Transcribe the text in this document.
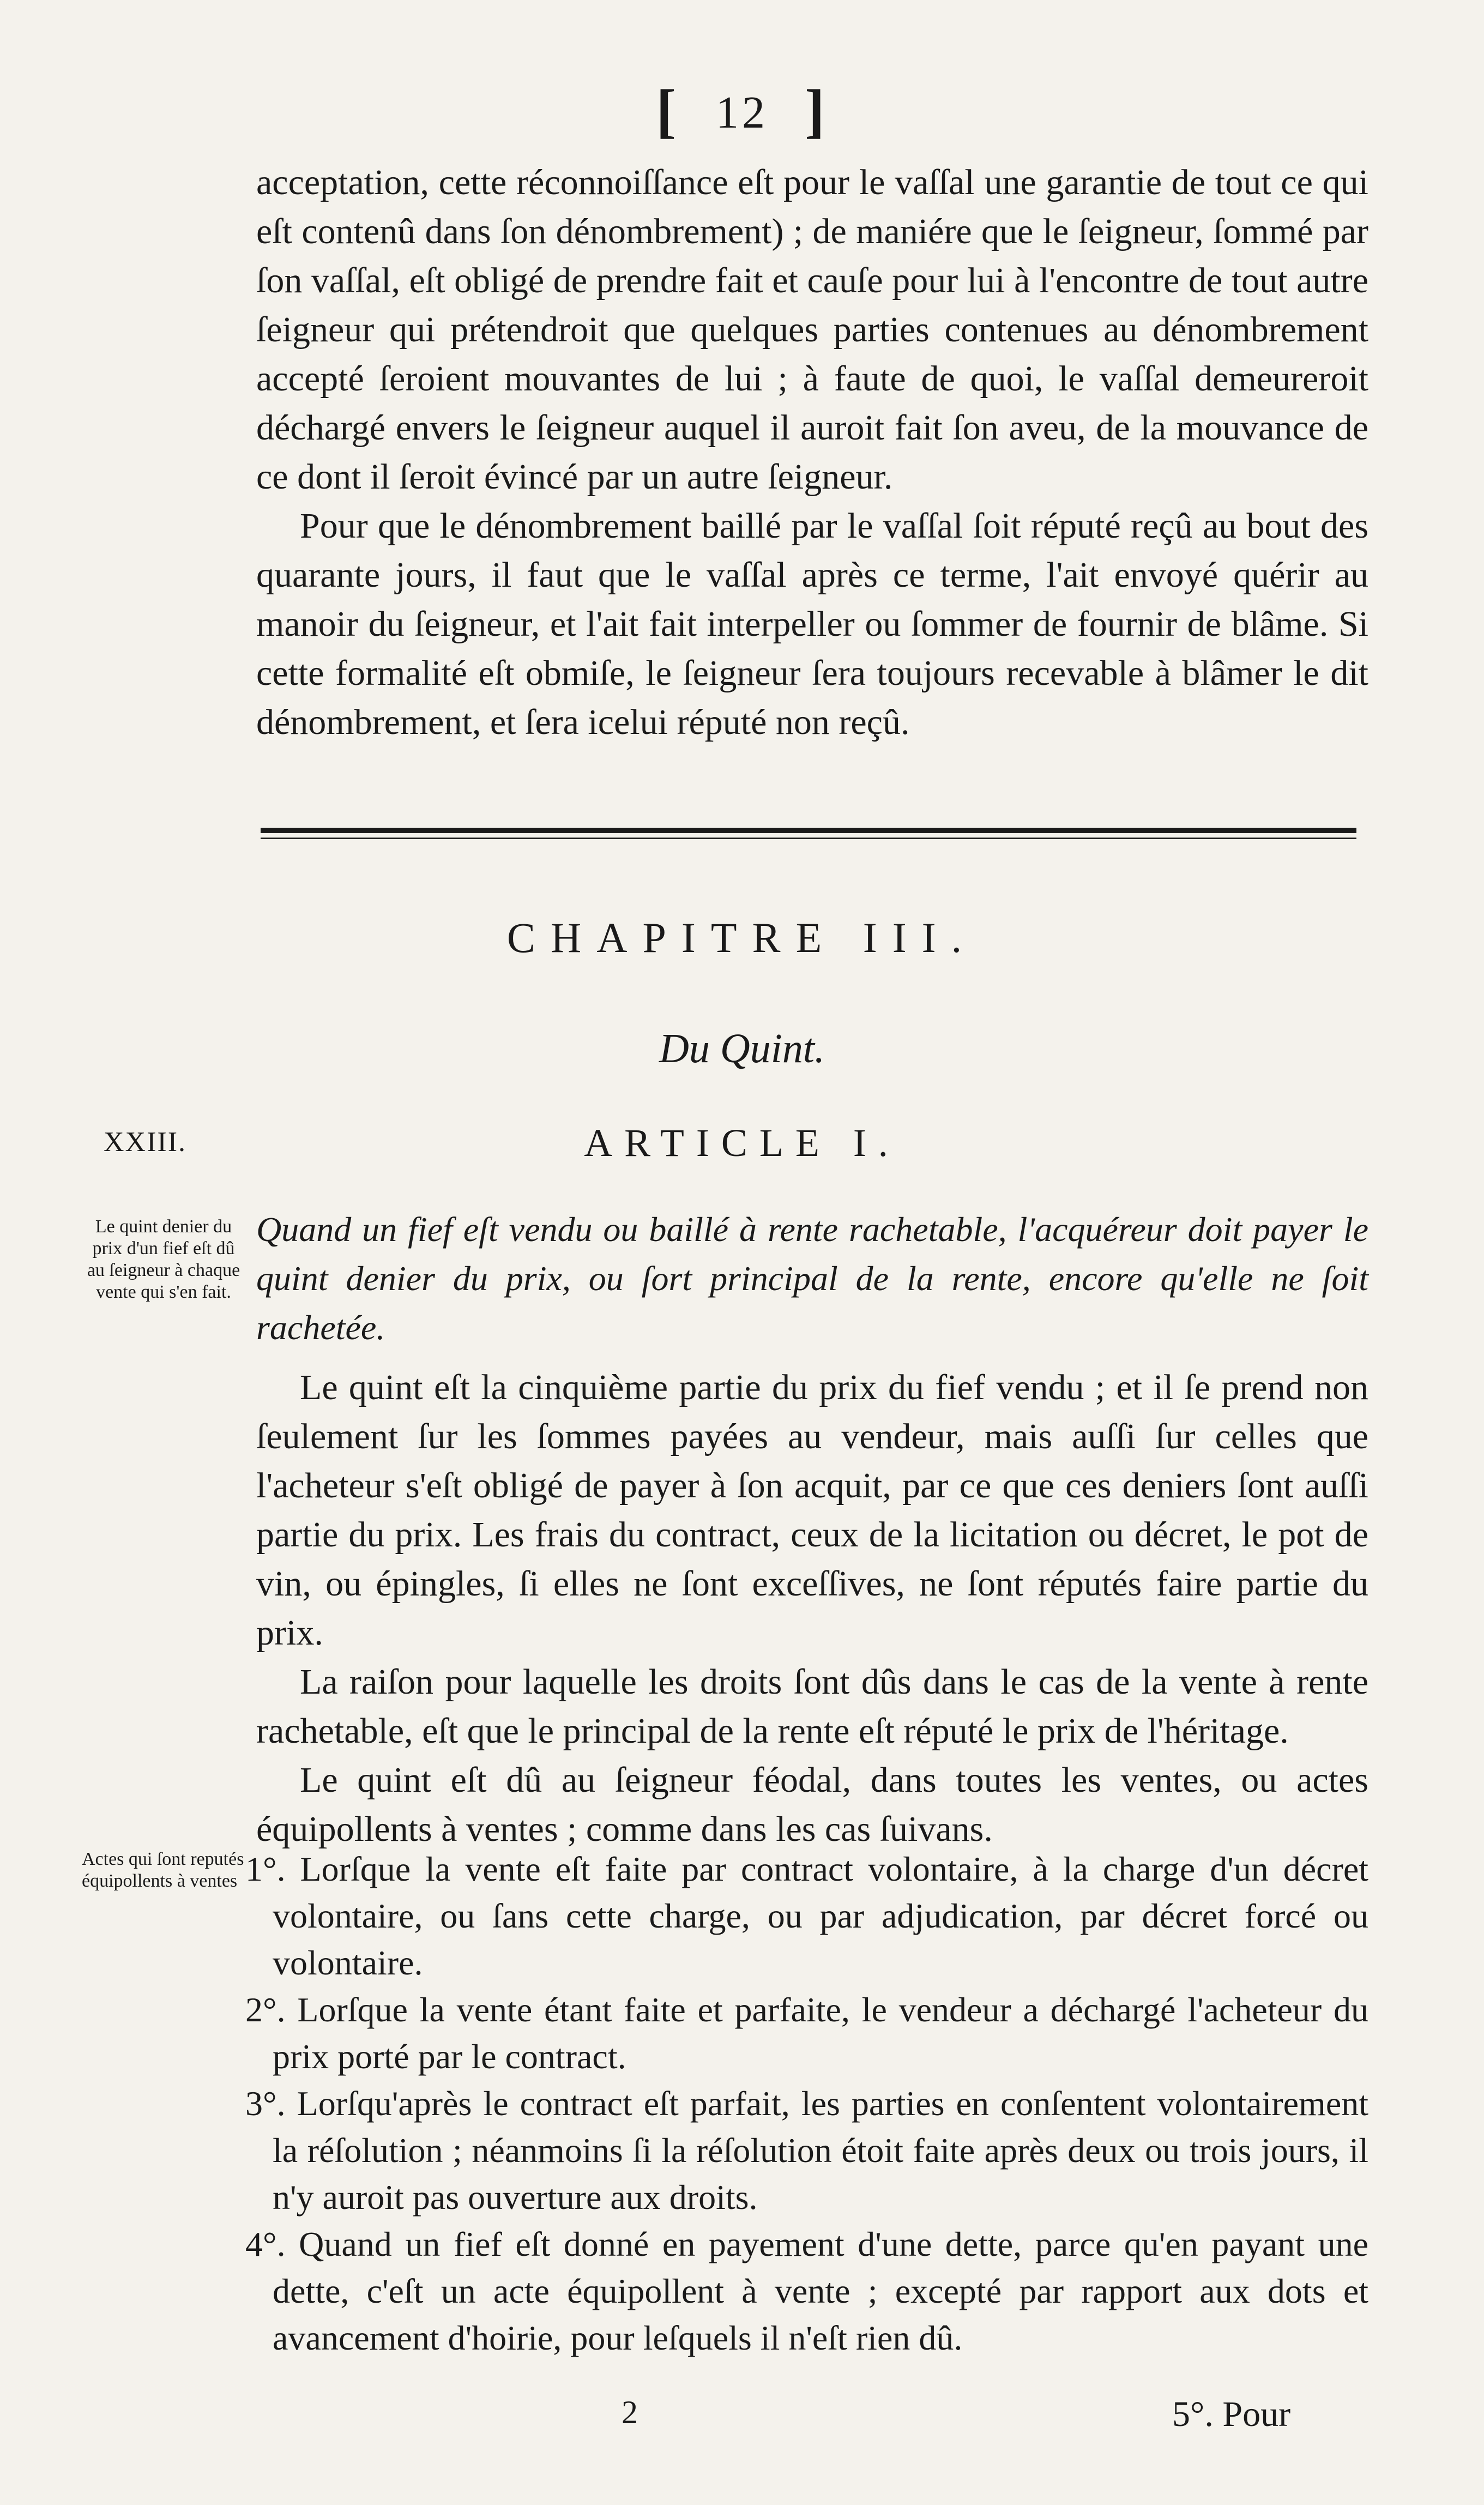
[ 12 ]

acceptation, cette réconnoiſſance eſt pour le vaſſal une garantie de tout ce qui eſt contenû dans ſon dénombrement) ; de maniére que le ſeigneur, ſommé par ſon vaſſal, eſt obligé de prendre fait et cauſe pour lui à l'encontre de tout autre ſeigneur qui prétendroit que quelques parties contenues au dénombrement accepté ſeroient mouvantes de lui ; à faute de quoi, le vaſſal demeureroit déchargé envers le ſeigneur auquel il auroit fait ſon aveu, de la mouvance de ce dont il ſeroit évincé par un autre ſeigneur.

Pour que le dénombrement baillé par le vaſſal ſoit réputé reçû au bout des quarante jours, il faut que le vaſſal après ce terme, l'ait envoyé quérir au manoir du ſeigneur, et l'ait fait interpeller ou ſommer de fournir de blâme. Si cette formalité eſt obmiſe, le ſeigneur ſera toujours recevable à blâmer le dit dénombrement, et ſera icelui réputé non reçû.

CHAPITRE III.
Du Quint.
XXIII.	ARTICLE I.
Le quint denier du prix d'un fief eſt dû au ſeigneur à chaque vente qui s'en fait.
Actes qui ſont reputés équipollents à ventes

Quand un fief eſt vendu ou baillé à rente rachetable, l'acquéreur doit payer le quint denier du prix, ou ſort principal de la rente, encore qu'elle ne ſoit rachetée.

Le quint eſt la cinquième partie du prix du fief vendu ; et il ſe prend non ſeulement ſur les ſommes payées au vendeur, mais auſſi ſur celles que l'acheteur s'eſt obligé de payer à ſon acquit, par ce que ces deniers ſont auſſi partie du prix. Les frais du contract, ceux de la licitation ou décret, le pot de vin, ou épingles, ſi elles ne ſont exceſſives, ne ſont réputés faire partie du prix.

La raiſon pour laquelle les droits ſont dûs dans le cas de la vente à rente rachetable, eſt que le principal de la rente eſt réputé le prix de l'héritage.

Le quint eſt dû au ſeigneur féodal, dans toutes les ventes, ou actes équipollents à ventes ; comme dans les cas ſuivans.

1°. Lorſque la vente eſt faite par contract volontaire, à la charge d'un décret volontaire, ou ſans cette charge, ou par adjudication, par décret forcé ou volontaire.

2°. Lorſque la vente étant faite et parfaite, le vendeur a déchargé l'acheteur du prix porté par le contract.

3°. Lorſqu'après le contract eſt parfait, les parties en conſentent volontairement la réſolution ; néanmoins ſi la réſolution étoit faite après deux ou trois jours, il n'y auroit pas ouverture aux droits.

4°. Quand un fief eſt donné en payement d'une dette, parce qu'en payant une dette, c'eſt un acte équipollent à vente ; excepté par rapport aux dots et avancement d'hoirie, pour leſquels il n'eſt rien dû.

2	5°. Pour
